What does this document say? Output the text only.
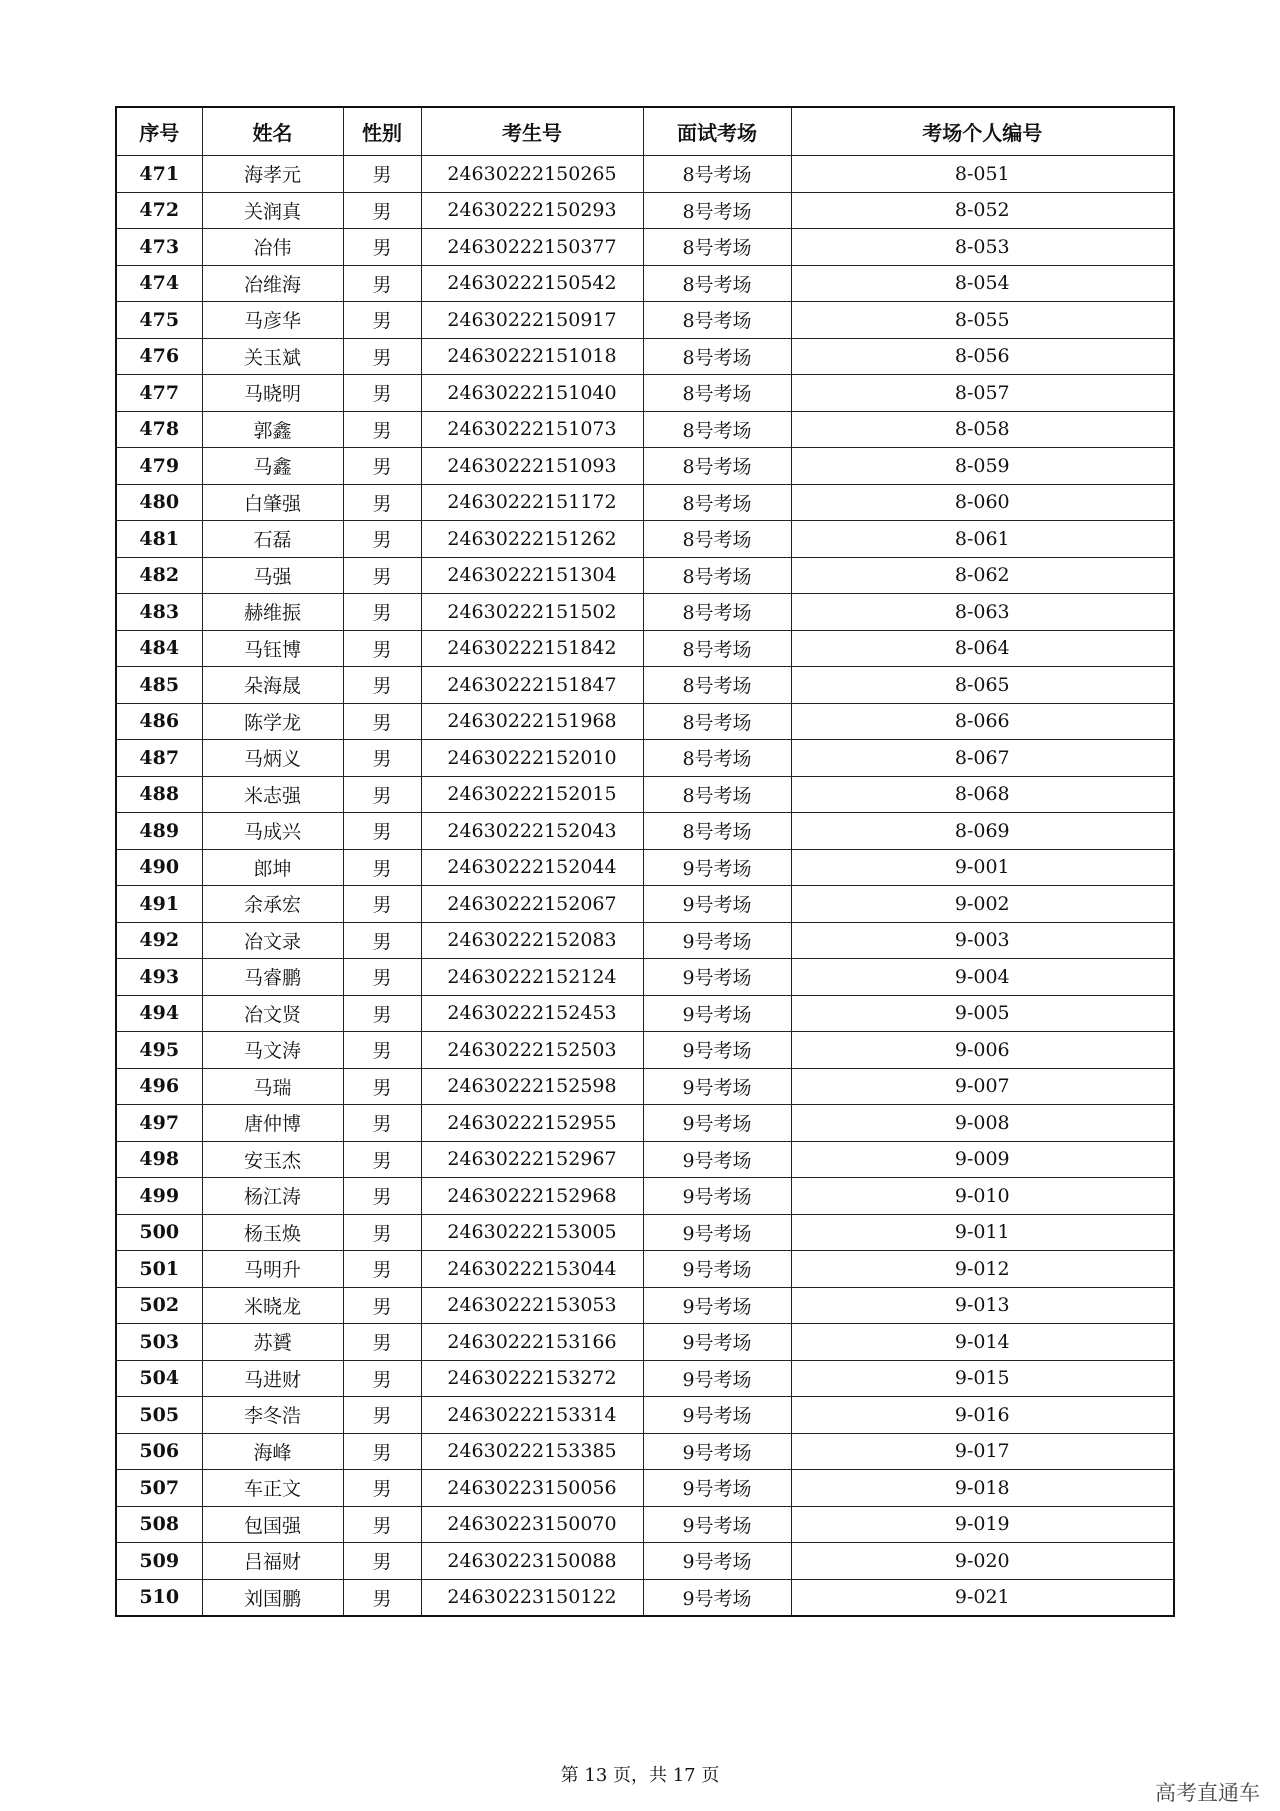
序号	姓名	性别	考生号	面试考场	考场个人编号
471	海孝元	男	24630222150265	8号考场	8-051
472	关润真	男	24630222150293	8号考场	8-052
473	冶伟	男	24630222150377	8号考场	8-053
474	冶维海	男	24630222150542	8号考场	8-054
475	马彦华	男	24630222150917	8号考场	8-055
476	关玉斌	男	24630222151018	8号考场	8-056
477	马晓明	男	24630222151040	8号考场	8-057
478	郭鑫	男	24630222151073	8号考场	8-058
479	马鑫	男	24630222151093	8号考场	8-059
480	白肇强	男	24630222151172	8号考场	8-060
481	石磊	男	24630222151262	8号考场	8-061
482	马强	男	24630222151304	8号考场	8-062
483	赫维振	男	24630222151502	8号考场	8-063
484	马钰博	男	24630222151842	8号考场	8-064
485	朵海晟	男	24630222151847	8号考场	8-065
486	陈学龙	男	24630222151968	8号考场	8-066
487	马炳义	男	24630222152010	8号考场	8-067
488	米志强	男	24630222152015	8号考场	8-068
489	马成兴	男	24630222152043	8号考场	8-069
490	郎坤	男	24630222152044	9号考场	9-001
491	余承宏	男	24630222152067	9号考场	9-002
492	冶文录	男	24630222152083	9号考场	9-003
493	马睿鹏	男	24630222152124	9号考场	9-004
494	冶文贤	男	24630222152453	9号考场	9-005
495	马文涛	男	24630222152503	9号考场	9-006
496	马瑞	男	24630222152598	9号考场	9-007
497	唐仲博	男	24630222152955	9号考场	9-008
498	安玉杰	男	24630222152967	9号考场	9-009
499	杨江涛	男	24630222152968	9号考场	9-010
500	杨玉焕	男	24630222153005	9号考场	9-011
501	马明升	男	24630222153044	9号考场	9-012
502	米晓龙	男	24630222153053	9号考场	9-013
503	苏贇	男	24630222153166	9号考场	9-014
504	马进财	男	24630222153272	9号考场	9-015
505	李冬浩	男	24630222153314	9号考场	9-016
506	海峰	男	24630222153385	9号考场	9-017
507	车正文	男	24630223150056	9号考场	9-018
508	包国强	男	24630223150070	9号考场	9-019
509	吕福财	男	24630223150088	9号考场	9-020
510	刘国鹏	男	24630223150122	9号考场	9-021
第 13 页，共 17 页
高考直通车
